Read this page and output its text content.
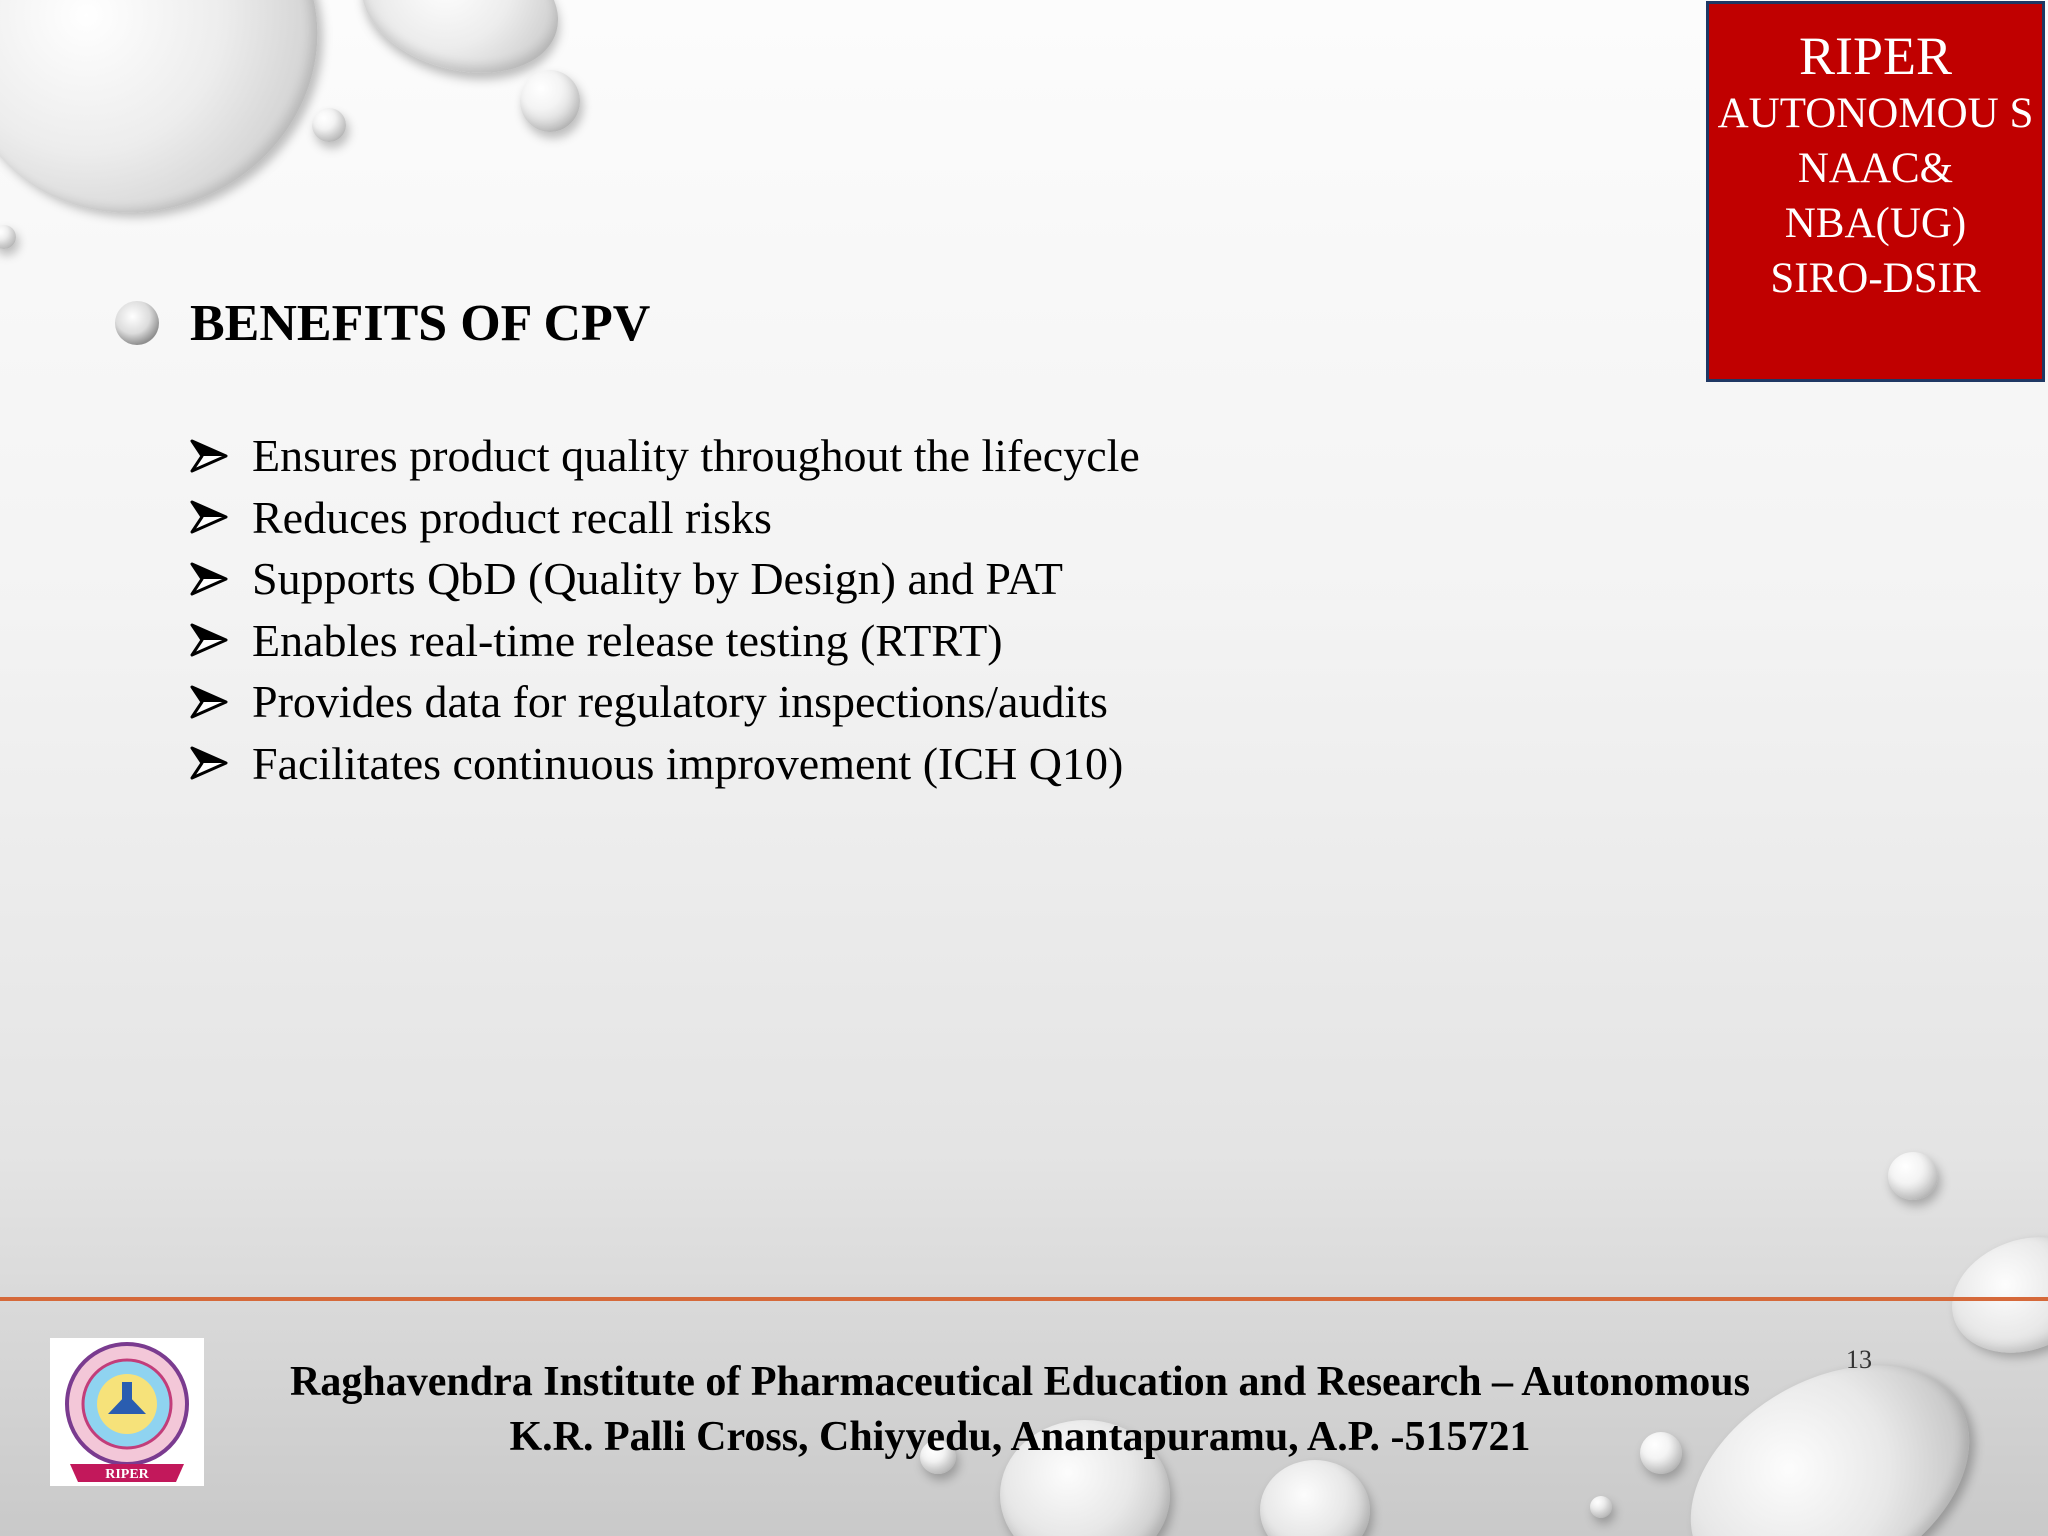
RIPER
AUTONOMOU S
NAAC&
NBA(UG)
SIRO-DSIR
BENEFITS OF CPV
Ensures product quality throughout the lifecycle
Reduces product recall risks
Supports QbD (Quality by Design) and PAT
Enables real-time release testing (RTRT)
Provides data for regulatory inspections/audits
Facilitates continuous improvement (ICH Q10)
RIPER
Raghavendra Institute of Pharmaceutical Education and Research – Autonomous
K.R. Palli Cross, Chiyyedu, Anantapuramu, A.P. -515721
13
